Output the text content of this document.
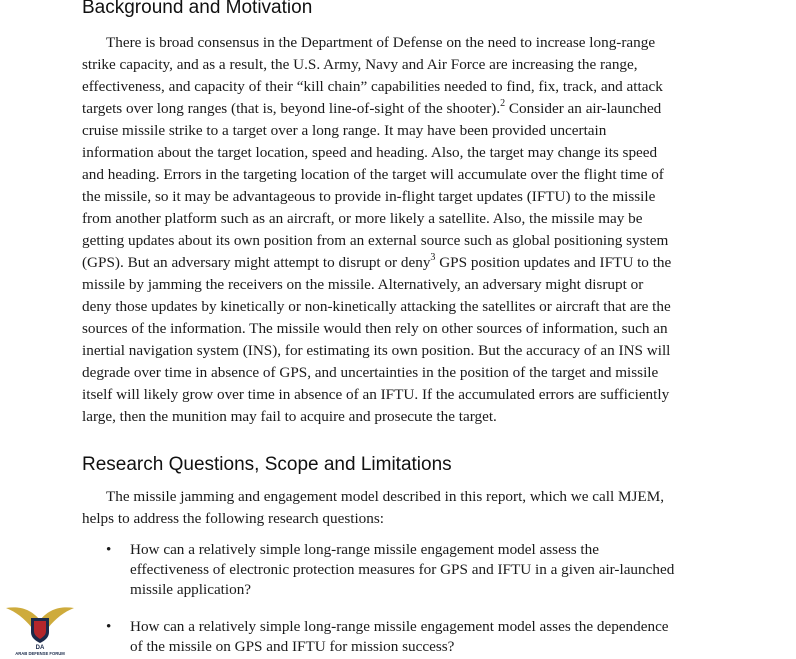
Background and Motivation

There is broad consensus in the Department of Defense on the need to increase long-range
strike capacity, and as a result, the U.S. Army, Navy and Air Force are increasing the range,
effectiveness, and capacity of their “kill chain” capabilities needed to find, fix, track, and attack
targets over long ranges (that is, beyond line-of-sight of the shooter).$^2$ Consider an air-launched
cruise missile strike to a target over a long range. It may have been provided uncertain
information about the target location, speed and heading. Also, the target may change its speed
and heading. Errors in the targeting location of the target will accumulate over the flight time of
the missile, so it may be advantageous to provide in-flight target updates (IFTU) to the missile
from another platform such as an aircraft, or more likely a satellite. Also, the missile may be
getting updates about its own position from an external source such as global positioning system
(GPS). But an adversary might attempt to disrupt or deny$^3$ GPS position updates and IFTU to the
missile by jamming the receivers on the missile. Alternatively, an adversary might disrupt or
deny those updates by kinetically or non-kinetically attacking the satellites or aircraft that are the
sources of the information. The missile would then rely on other sources of information, such an
inertial navigation system (INS), for estimating its own position. But the accuracy of an INS will
degrade over time in absence of GPS, and uncertainties in the position of the target and missile
itself will likely grow over time in absence of an IFTU. If the accumulated errors are sufficiently
large, then the munition may fail to acquire and prosecute the target.

Research Questions, Scope and Limitations

The missile jamming and engagement model described in this report, which we call MJEM,
helps to address the following research questions:

• How can a relatively simple long-range missile engagement model assess the
effectiveness of electronic protection measures for GPS and IFTU in a given air-launched
missile application?
• How can a relatively simple long-range missile engagement model asses the dependence
of the missile on GPS and IFTU for mission success?
DA
ARAB DEFENSE FORUM
